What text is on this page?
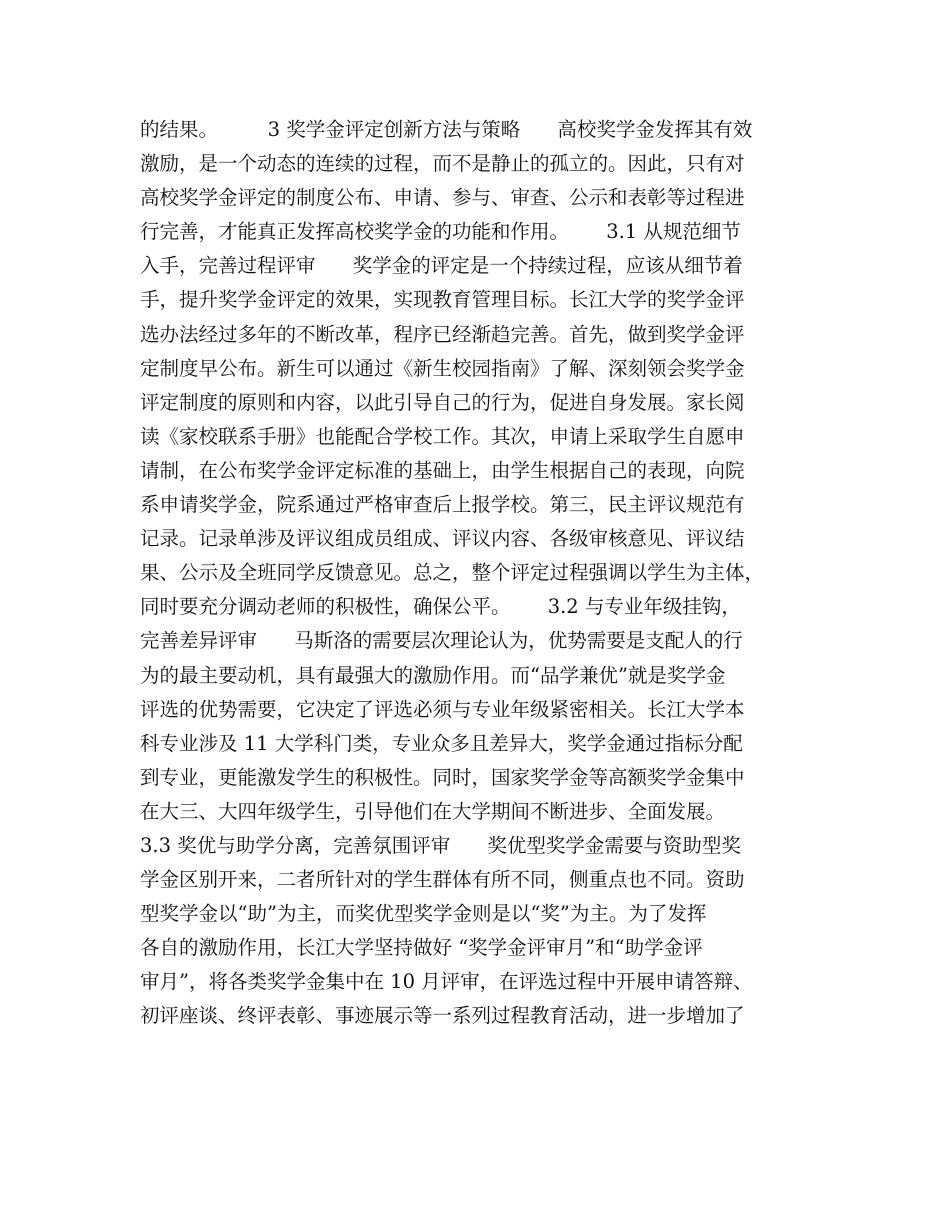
的结果。        3 奖学金评定创新方法与策略      高校奖学金发挥其有效
激励，是一个动态的连续的过程，而不是静止的孤立的。因此，只有对
高校奖学金评定的制度公布、申请、参与、审查、公示和表彰等过程进
行完善，才能真正发挥高校奖学金的功能和作用。      3.1 从规范细节
入手，完善过程评审      奖学金的评定是一个持续过程，应该从细节着
手，提升奖学金评定的效果，实现教育管理目标。长江大学的奖学金评
选办法经过多年的不断改革，程序已经渐趋完善。首先，做到奖学金评
定制度早公布。新生可以通过《新生校园指南》了解、深刻领会奖学金
评定制度的原则和内容，以此引导自己的行为，促进自身发展。家长阅
读《家校联系手册》也能配合学校工作。其次，申请上采取学生自愿申
请制，在公布奖学金评定标准的基础上，由学生根据自己的表现，向院
系申请奖学金，院系通过严格审查后上报学校。第三，民主评议规范有
记录。记录单涉及评议组成员组成、评议内容、各级审核意见、评议结
果、公示及全班同学反馈意见。总之，整个评定过程强调以学生为主体，
同时要充分调动老师的积极性，确保公平。      3.2 与专业年级挂钩，
完善差异评审      马斯洛的需要层次理论认为，优势需要是支配人的行
为的最主要动机，具有最强大的激励作用。而“品学兼优”就是奖学金
评选的优势需要，它决定了评选必须与专业年级紧密相关。长江大学本
科专业涉及 11 大学科门类，专业众多且差异大，奖学金通过指标分配
到专业，更能激发学生的积极性。同时，国家奖学金等高额奖学金集中
在大三、大四年级学生，引导他们在大学期间不断进步、全面发展。
3.3 奖优与助学分离，完善氛围评审      奖优型奖学金需要与资助型奖
学金区别开来，二者所针对的学生群体有所不同，侧重点也不同。资助
型奖学金以“助”为主，而奖优型奖学金则是以“奖”为主。为了发挥
各自的激励作用，长江大学坚持做好 “奖学金评审月”和“助学金评
审月”，将各类奖学金集中在 10 月评审，在评选过程中开展申请答辩、
初评座谈、终评表彰、事迹展示等一系列过程教育活动，进一步增加了
